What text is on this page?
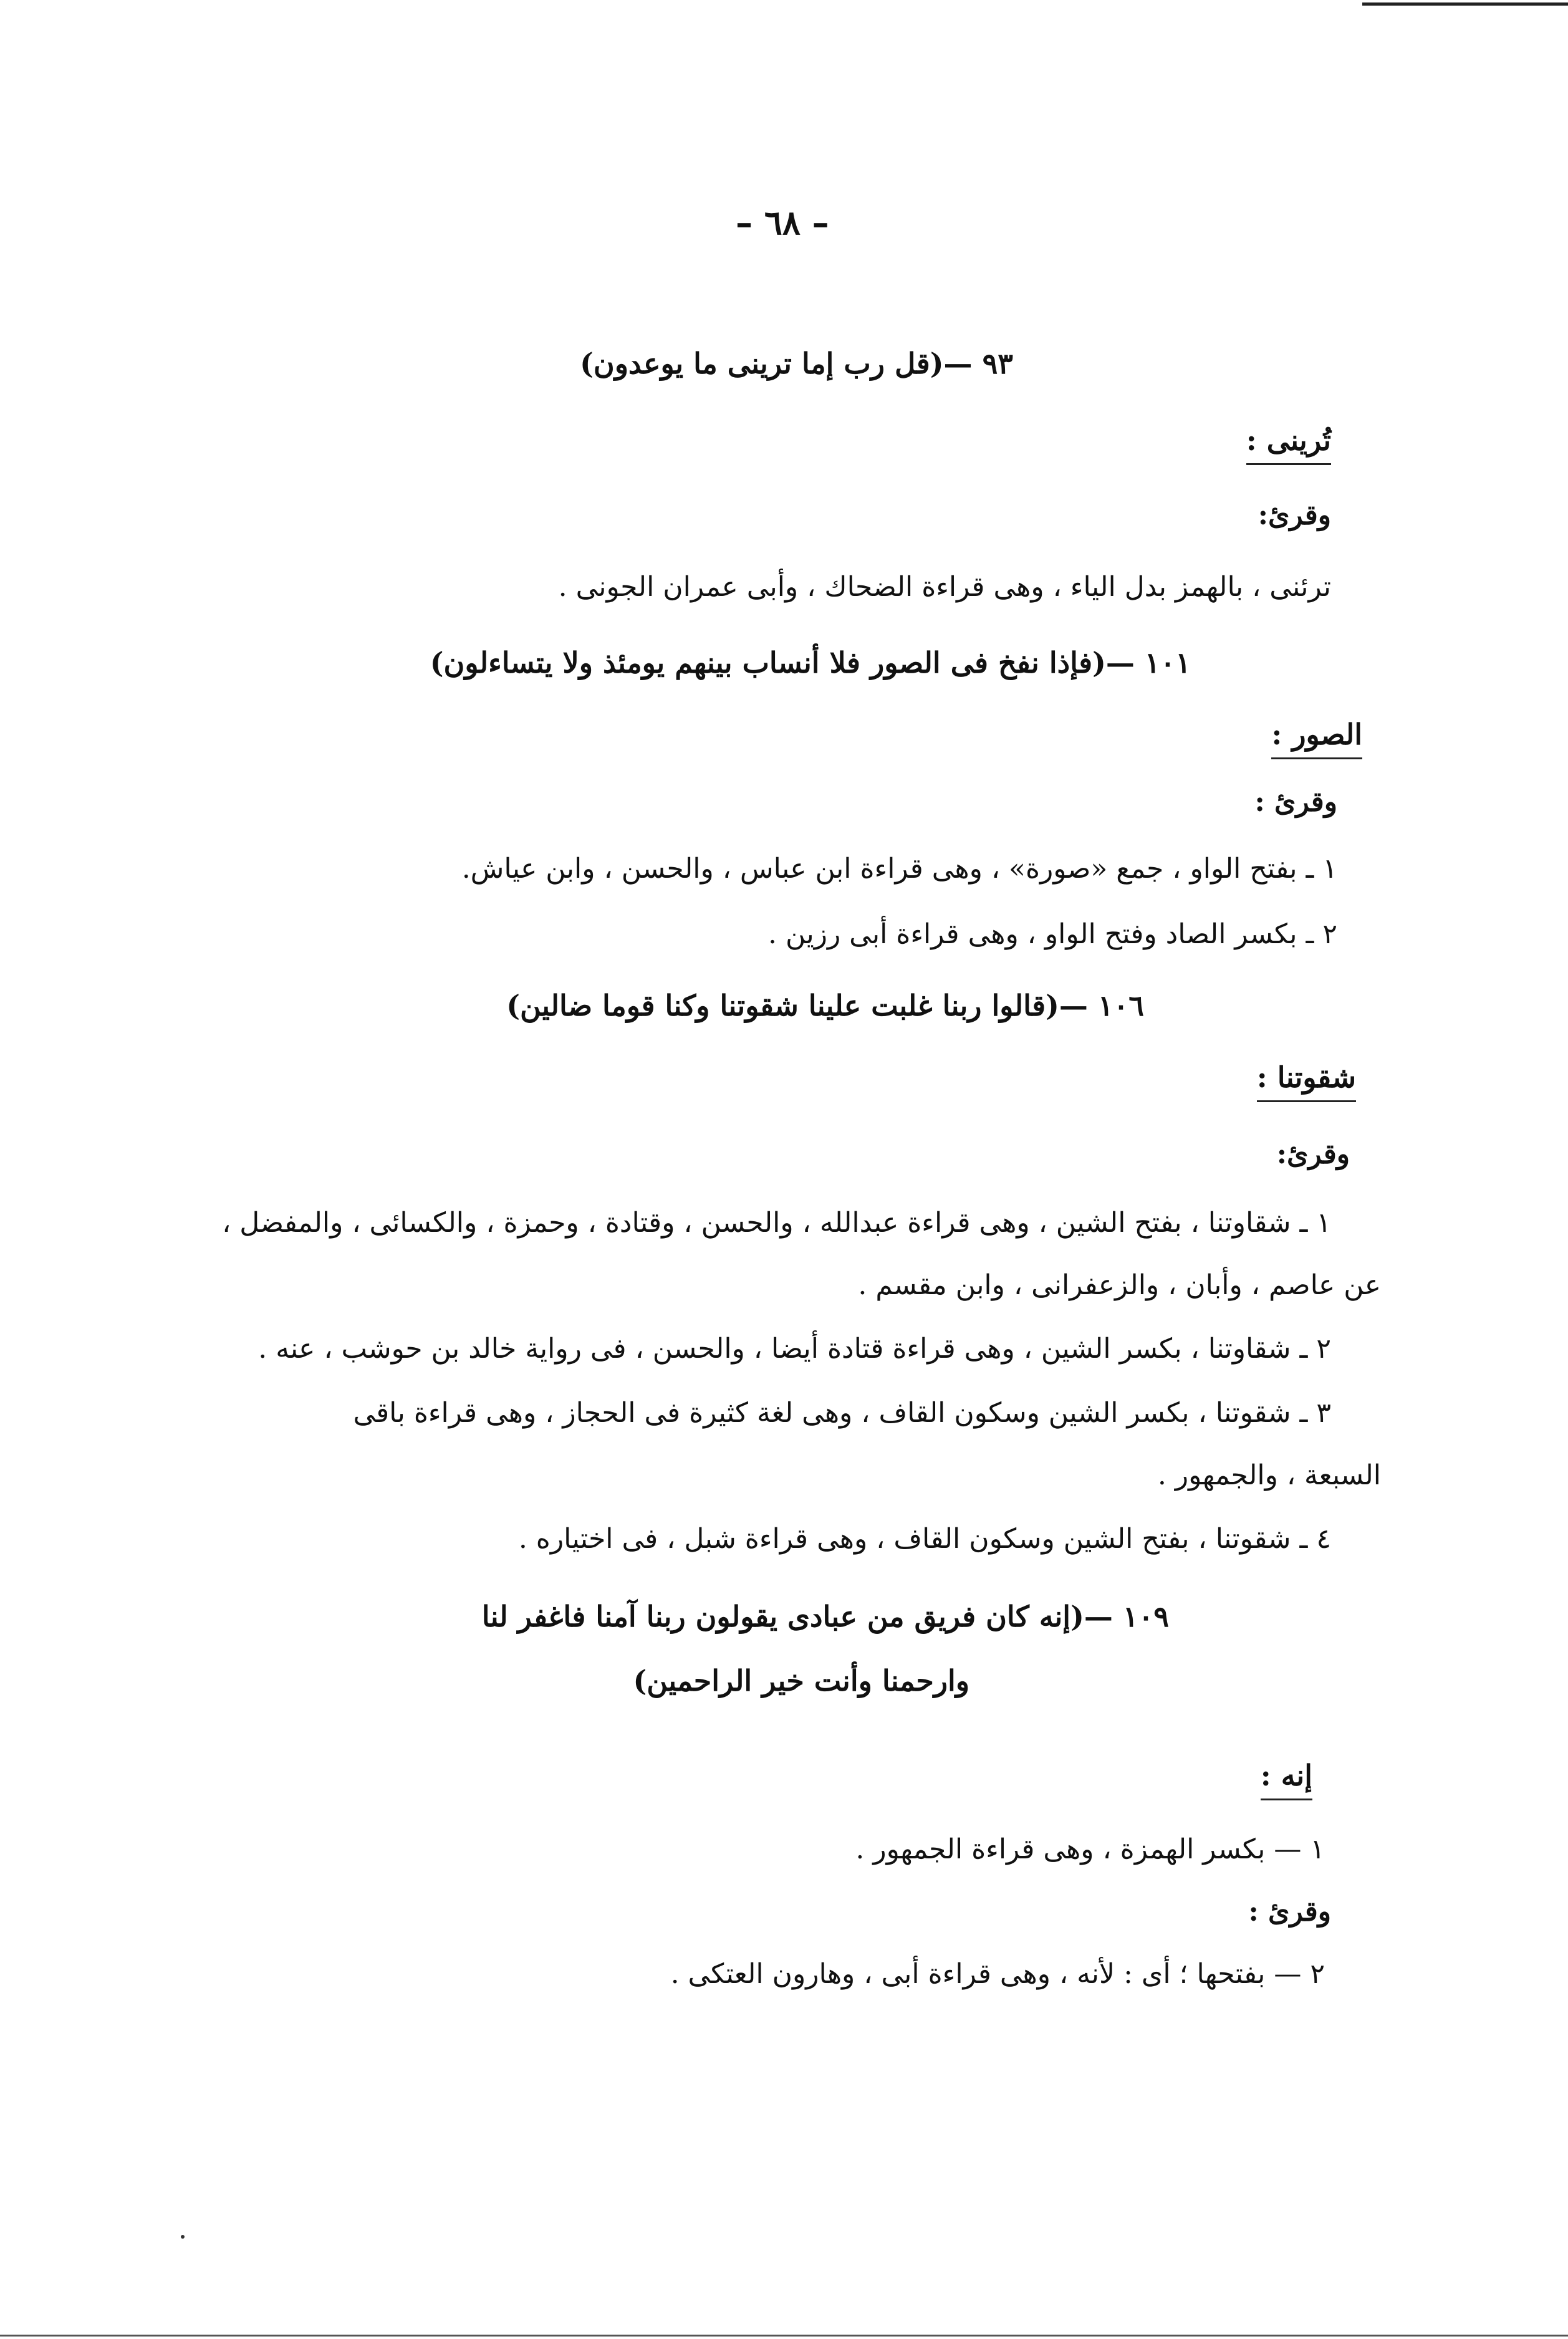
– ٦٨ –
٩٣ —(قل رب إما ترينى ما يوعدون)
تُرينى :
وقرئ:
ترئنى ، بالهمز بدل الياء ، وهى قراءة الضحاك ، وأبى عمران الجونى .
١٠١ —(فإذا نفخ فى الصور فلا أنساب بينهم يومئذ ولا يتساءلون)
الصور :
وقرئ :
١ ـ بفتح الواو ، جمع «صورة» ، وهى قراءة ابن عباس ، والحسن ، وابن عياش.
٢ ـ بكسر الصاد وفتح الواو ، وهى قراءة أبى رزين .
١٠٦ —(قالوا ربنا غلبت علينا شقوتنا وكنا قوما ضالين)
شقوتنا :
وقرئ:
١ ـ شقاوتنا ، بفتح الشين ، وهى قراءة عبدالله ، والحسن ، وقتادة ، وحمزة ، والكسائى ، والمفضل ،
عن عاصم ، وأبان ، والزعفرانى ، وابن مقسم .
٢ ـ شقاوتنا ، بكسر الشين ، وهى قراءة قتادة أيضا ، والحسن ، فى رواية خالد بن حوشب ، عنه .
٣ ـ شقوتنا ، بكسر الشين وسكون القاف ، وهى لغة كثيرة فى الحجاز ، وهى قراءة باقى
السبعة ، والجمهور .
٤ ـ شقوتنا ، بفتح الشين وسكون القاف ، وهى قراءة شبل ، فى اختياره .
١٠٩ —(إنه كان فريق من عبادى يقولون ربنا آمنا فاغفر لنا
وارحمنا وأنت خير الراحمين)
إنه :
١ — بكسر الهمزة ، وهى قراءة الجمهور .
وقرئ :
٢ — بفتحها ؛ أى : لأنه ، وهى قراءة أبى ، وهارون العتكى .
